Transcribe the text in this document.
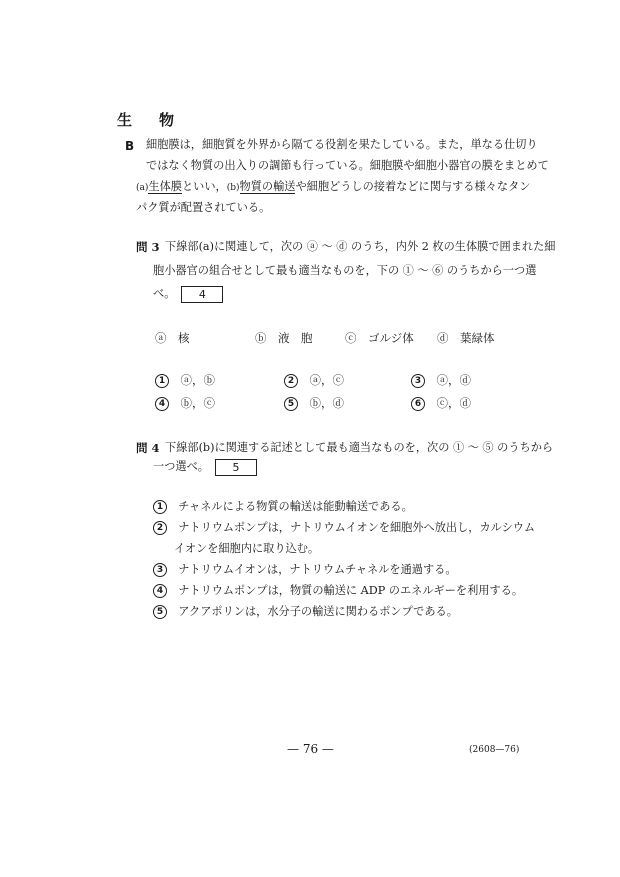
生　物
B 細胞膜は，細胞質を外界から隔てる役割を果たしている。また，単なる仕切り
ではなく物質の出入りの調節も行っている。細胞膜や細胞小器官の膜をまとめて
(a)生体膜といい，(b)物質の輸送や細胞どうしの接着などに関与する様々なタン
パク質が配置されている。
問 3 下線部(a)に関連して，次の ⓐ 〜 ⓓ のうち，内外 2 枚の生体膜で囲まれた細
胞小器官の組合せとして最も適当なものを，下の ① 〜 ⑥ のうちから一つ選
べ。 4
ⓐ　 核	ⓑ　 液　胞	ⓒ　 ゴルジ体 ⓓ　 葉緑体
1　 ⓐ，ⓑ	2　 ⓐ，ⓒ	3　 ⓐ，ⓓ
4　 ⓑ，ⓒ	5　 ⓑ，ⓓ	6　 ⓒ，ⓓ
問 4 下線部(b)に関連する記述として最も適当なものを，次の ① 〜 ⑤ のうちから
一つ選べ。 5
1　 チャネルによる物質の輸送は能動輸送である。
2　 ナトリウムポンプは，ナトリウムイオンを細胞外へ放出し，カルシウム
イオンを細胞内に取り込む。
3　 ナトリウムイオンは，ナトリウムチャネルを通過する。
4　 ナトリウムポンプは，物質の輸送に ADP のエネルギーを利用する。
5　 アクアポリンは，水分子の輸送に関わるポンプである。
— 76 —	(2608—76)
